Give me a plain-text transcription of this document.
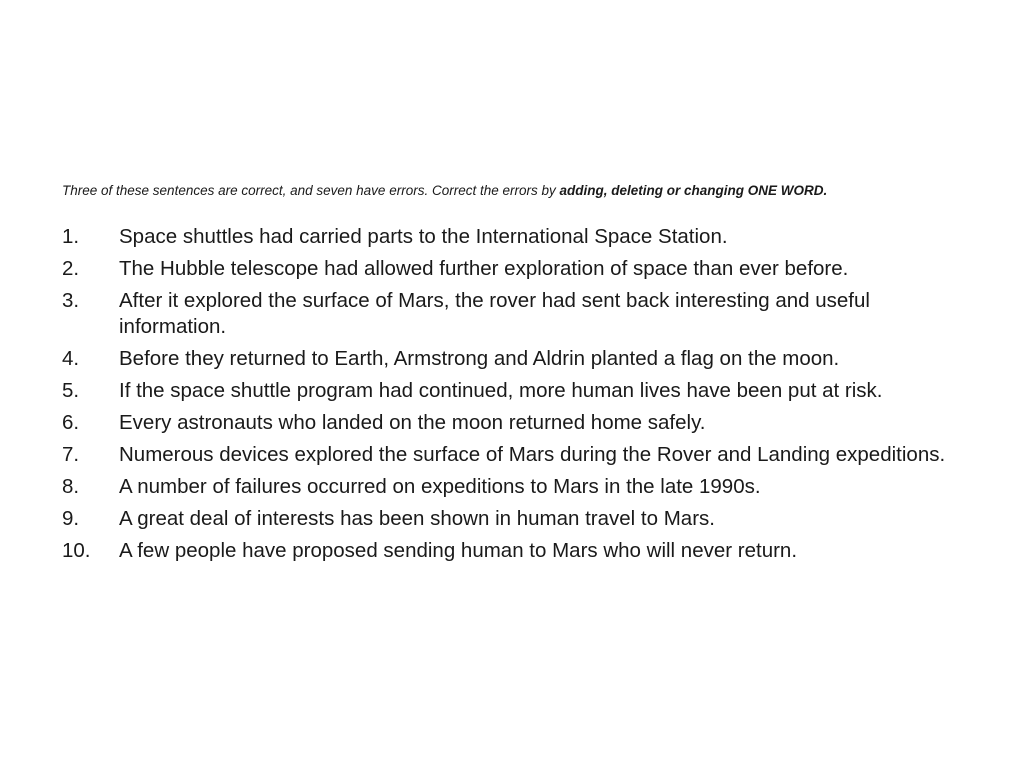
Three of these sentences are correct, and seven have errors. Correct the errors by adding, deleting or changing ONE WORD.

1. Space shuttles had carried parts to the International Space Station.
2. The Hubble telescope had allowed further exploration of space than ever before.
3. After it explored the surface of Mars, the rover had sent back interesting and useful information.
4. Before they returned to Earth, Armstrong and Aldrin planted a flag on the moon.
5. If the space shuttle program had continued, more human lives have been put at risk.
6. Every astronauts who landed on the moon returned home safely.
7. Numerous devices explored the surface of Mars during the Rover and Landing expeditions.
8. A number of failures occurred on expeditions to Mars in the late 1990s.
9. A great deal of interests has been shown in human travel to Mars.
10. A few people have proposed sending human to Mars who will never return.
